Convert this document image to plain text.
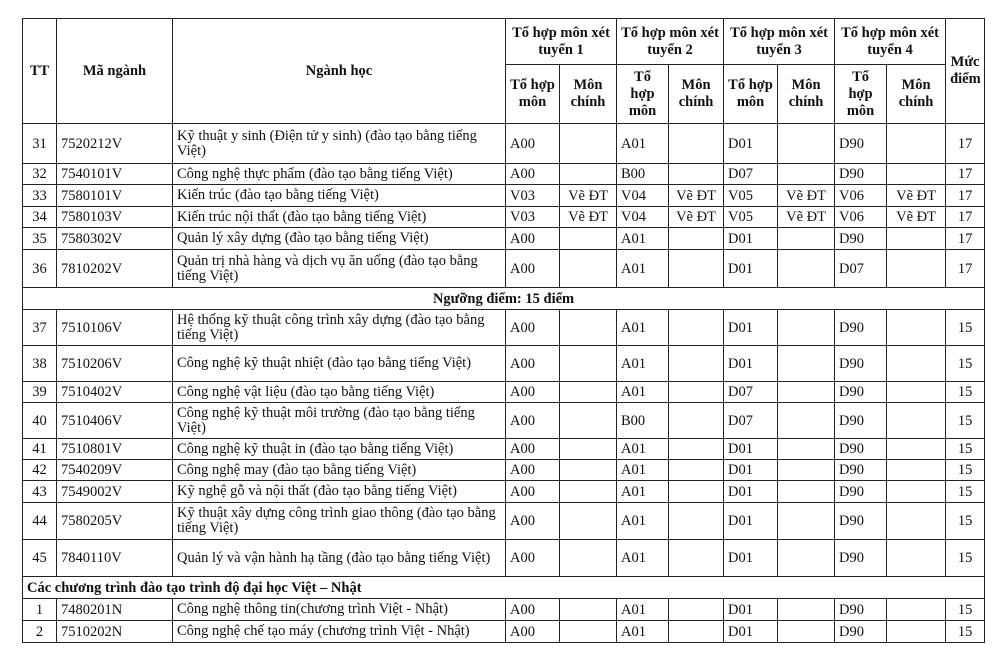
TT	Mã ngành	Ngành học	Tổ hợp môn xét tuyển 1		Tổ hợp môn xét tuyển 2		Tổ hợp môn xét tuyển 3		Tổ hợp môn xét tuyển 4		Mức điểm
			Tổ hợp môn	Môn chính	Tổ hợp môn	Môn chính	Tổ hợp môn	Môn chính	Tổ hợp môn	Môn chính	
31	7520212V	Kỹ thuật y sinh (Điện tử y sinh) (đào tạo bằng tiếng Việt)	A00		A01		D01		D90		17
32	7540101V	Công nghệ thực phẩm (đào tạo bằng tiếng Việt)	A00		B00		D07		D90		17
33	7580101V	Kiến trúc (đào tạo bằng tiếng Việt)	V03	Vẽ ĐT	V04	Vẽ ĐT	V05	Vẽ ĐT	V06	Vẽ ĐT	17
34	7580103V	Kiến trúc nội thất (đào tạo bằng tiếng Việt)	V03	Vẽ ĐT	V04	Vẽ ĐT	V05	Vẽ ĐT	V06	Vẽ ĐT	17
35	7580302V	Quản lý xây dựng (đào tạo bằng tiếng Việt)	A00		A01		D01		D90		17
36	7810202V	Quản trị nhà hàng và dịch vụ ăn uống (đào tạo bằng tiếng Việt)	A00		A01		D01		D07		17
Ngưỡng điểm: 15 điểm											
37	7510106V	Hệ thống kỹ thuật công trình xây dựng (đào tạo bằng tiếng Việt)	A00		A01		D01		D90		15
38	7510206V	Công nghệ kỹ thuật nhiệt (đào tạo bằng tiếng Việt)	A00		A01		D01		D90		15
39	7510402V	Công nghệ vật liệu (đào tạo bằng tiếng Việt)	A00		A01		D07		D90		15
40	7510406V	Công nghệ kỹ thuật môi trường (đào tạo bằng tiếng Việt)	A00		B00		D07		D90		15
41	7510801V	Công nghệ kỹ thuật in (đào tạo bằng tiếng Việt)	A00		A01		D01		D90		15
42	7540209V	Công nghệ may (đào tạo bằng tiếng Việt)	A00		A01		D01		D90		15
43	7549002V	Kỹ nghệ gỗ và nội thất (đào tạo bằng tiếng Việt)	A00		A01		D01		D90		15
44	7580205V	Kỹ thuật xây dựng công trình giao thông (đào tạo bằng tiếng Việt)	A00		A01		D01		D90		15
45	7840110V	Quản lý và vận hành hạ tầng (đào tạo bằng tiếng Việt)	A00		A01		D01		D90		15
Các chương trình đào tạo trình độ đại học Việt – Nhật											
1	7480201N	Công nghệ thông tin(chương trình Việt - Nhật)	A00		A01		D01		D90		15
2	7510202N	Công nghệ chế tạo máy (chương trình Việt - Nhật)	A00		A01		D01		D90		15
